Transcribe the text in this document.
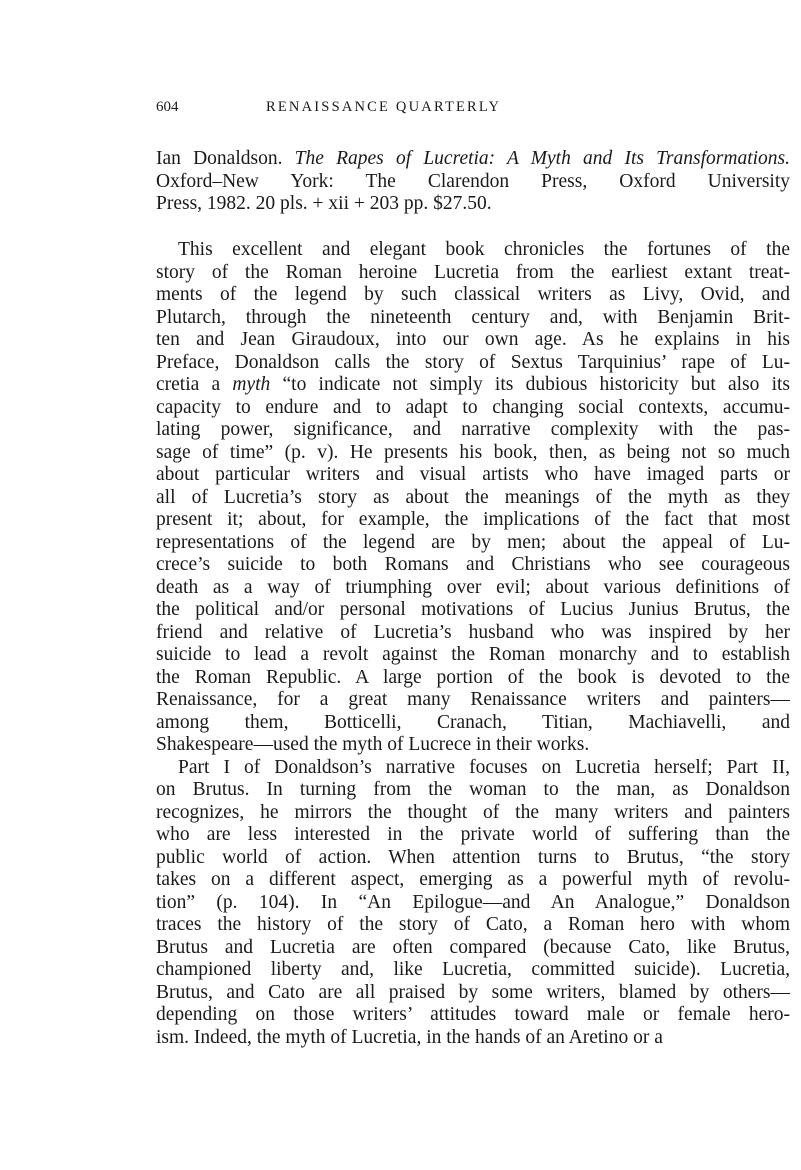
604	RENAISSANCE QUARTERLY
Ian Donaldson. The Rapes of Lucretia: A Myth and Its Transformations.
Oxford–New York: The Clarendon Press, Oxford University
Press, 1982. 20 pls. + xii + 203 pp. $27.50.
This excellent and elegant book chronicles the fortunes of the
story of the Roman heroine Lucretia from the earliest extant treat-
ments of the legend by such classical writers as Livy, Ovid, and
Plutarch, through the nineteenth century and, with Benjamin Brit-
ten and Jean Giraudoux, into our own age. As he explains in his
Preface, Donaldson calls the story of Sextus Tarquinius’ rape of Lu-
cretia a myth “to indicate not simply its dubious historicity but also its
capacity to endure and to adapt to changing social contexts, accumu-
lating power, significance, and narrative complexity with the pas-
sage of time” (p. v). He presents his book, then, as being not so much
about particular writers and visual artists who have imaged parts or
all of Lucretia’s story as about the meanings of the myth as they
present it; about, for example, the implications of the fact that most
representations of the legend are by men; about the appeal of Lu-
crece’s suicide to both Romans and Christians who see courageous
death as a way of triumphing over evil; about various definitions of
the political and/or personal motivations of Lucius Junius Brutus, the
friend and relative of Lucretia’s husband who was inspired by her
suicide to lead a revolt against the Roman monarchy and to establish
the Roman Republic. A large portion of the book is devoted to the
Renaissance, for a great many Renaissance writers and painters—
among them, Botticelli, Cranach, Titian, Machiavelli, and
Shakespeare—used the myth of Lucrece in their works.
Part I of Donaldson’s narrative focuses on Lucretia herself; Part II,
on Brutus. In turning from the woman to the man, as Donaldson
recognizes, he mirrors the thought of the many writers and painters
who are less interested in the private world of suffering than the
public world of action. When attention turns to Brutus, “the story
takes on a different aspect, emerging as a powerful myth of revolu-
tion” (p. 104). In “An Epilogue—and An Analogue,” Donaldson
traces the history of the story of Cato, a Roman hero with whom
Brutus and Lucretia are often compared (because Cato, like Brutus,
championed liberty and, like Lucretia, committed suicide). Lucretia,
Brutus, and Cato are all praised by some writers, blamed by others—
depending on those writers’ attitudes toward male or female hero-
ism. Indeed, the myth of Lucretia, in the hands of an Aretino or a
